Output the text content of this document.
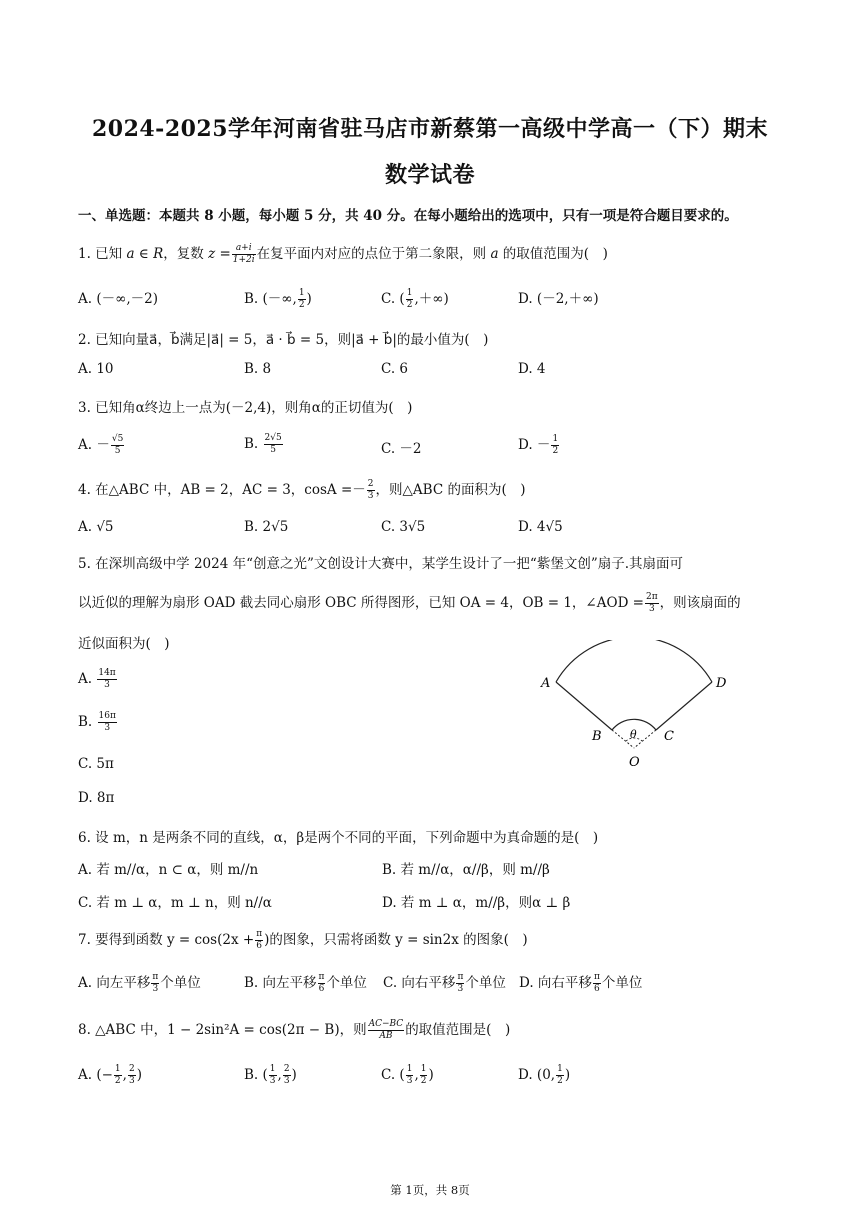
2024-2025学年河南省驻马店市新蔡第一高级中学高一（下）期末
数学试卷
一、单选题：本题共 8 小题，每小题 5 分，共 40 分。在每小题给出的选项中，只有一项是符合题目要求的。
1. 已知 a ∈ R，复数 $z = \frac{a+i}{1+2i}$ 在复平面内对应的点位于第二象限，则 a 的取值范围为(　)
A. (－∞,－2)	B. (－∞, $\frac{1}{2}$ )	C. ( $\frac{1}{2}$ ,＋∞)	D. (－2,＋∞)
2. 已知向量a⃗，b⃗满足|a⃗| = 5，a⃗ · b⃗ = 5，则|a⃗ + b⃗|的最小值为(　)
A. 10	B. 8	C. 6	D. 4
3. 已知角α终边上一点为(－2,4)，则角α的正切值为(　)
A. － $\frac{√5}{5}$	B. $\frac{2√5}{5}$	C. －2	D. － $\frac{1}{2}$
4. 在△ABC 中，AB = 2，AC = 3，$\cos A =- \frac{2}{3}$ ，则△ABC 的面积为(　)
A. √5	B. 2√5	C. 3√5	D. 4√5
5. 在深圳高级中学 2024 年“创意之光”文创设计大赛中，某学生设计了一把“紫堡文创”扇子.其扇面可
以近似的理解为扇形 OAD 截去同心扇形 OBC 所得图形，已知 OA = 4，OB = 1，∠AOD = $\frac{2\pi}{3}$ ，则该扇面的
近似面积为(　)
A. $\frac{14\pi}{3}$
B. $\frac{16\pi}{3}$
C. 5π
D. 8π
A	D
B	C
O
θ
6. 设 m，n 是两条不同的直线，α，β是两个不同的平面，下列命题中为真命题的是(　)
A. 若 m//α，n ⊂ α，则 m//n	B. 若 m//α，α//β，则 m//β
C. 若 m ⊥ α，m ⊥ n，则 n//α	D. 若 m ⊥ α，m//β，则α ⊥ β
7. 要得到函数 $y = \cos(2x + \frac{\pi}{6}$ )的图象，只需将函数 y = sin2x 的图象(　)
A. 向左平移 $\frac{\pi}{3}$ 个单位	B. 向左平移 $\frac{\pi}{6}$ 个单位 C. 向右平移 $\frac{\pi}{3}$ 个单位 D. 向右平移 $\frac{\pi}{6}$ 个单位
8. △ABC 中，1 − 2sin²A = cos(2π − B)，则 $\frac{AC-BC}{AB}$ 的取值范围是(　)
A. (− $\frac{1}{2}$ , $\frac{2}{3}$ )	B. ( $\frac{1}{3}$ , $\frac{2}{3}$ )	C. ( $\frac{1}{3}$ , $\frac{1}{2}$ )	D. (0, $\frac{1}{2}$ )
第 1页，共 8页
